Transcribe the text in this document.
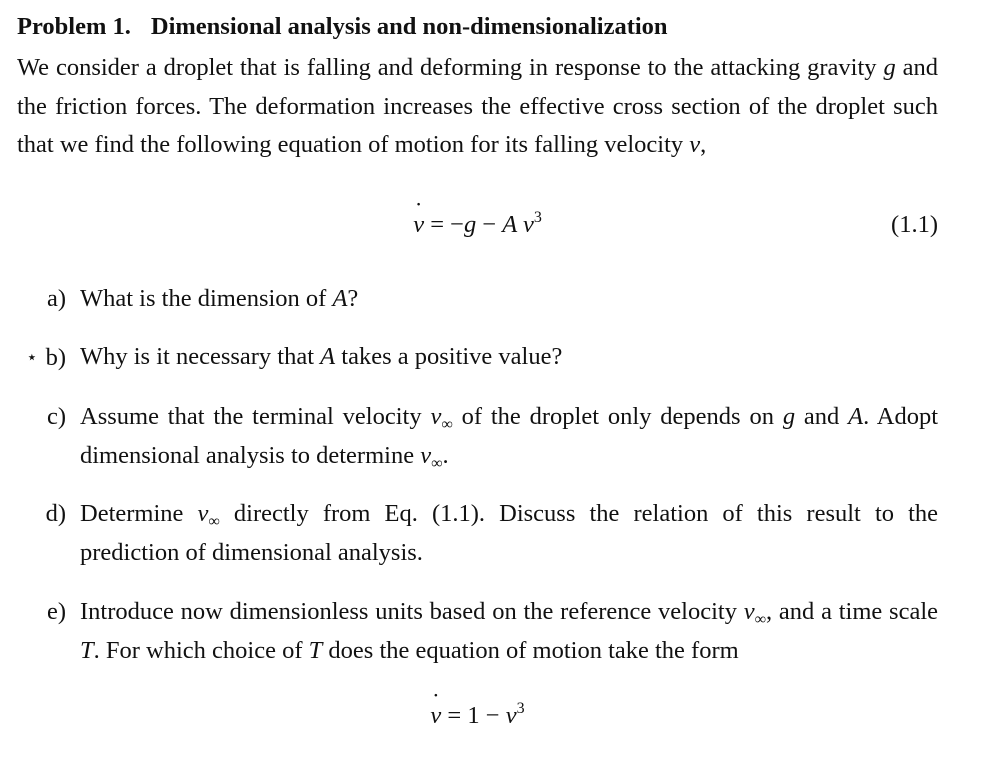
Problem 1. Dimensional analysis and non-dimensionalization
We consider a droplet that is falling and deforming in response to the attacking gravity g and the friction forces. The deformation increases the effective cross section of the droplet such that we find the following equation of motion for its falling velocity v,
˙ v = −g − A $v^3$	(1.1)
a) What is the dimension of A?
⋆ b) Why is it necessary that A takes a positive value?
c) Assume that the terminal velocity $v_\infty$ of the droplet only depends on g and A. Adopt dimensional analysis to determine $v_\infty$.
d) Determine $v_\infty$ directly from Eq. (1.1). Discuss the relation of this result to the prediction of dimensional analysis.
e) Introduce now dimensionless units based on the reference velocity $v_\infty$, and a time scale T. For which choice of T does the equation of motion take the form
˙ $v = 1 - v^3$
